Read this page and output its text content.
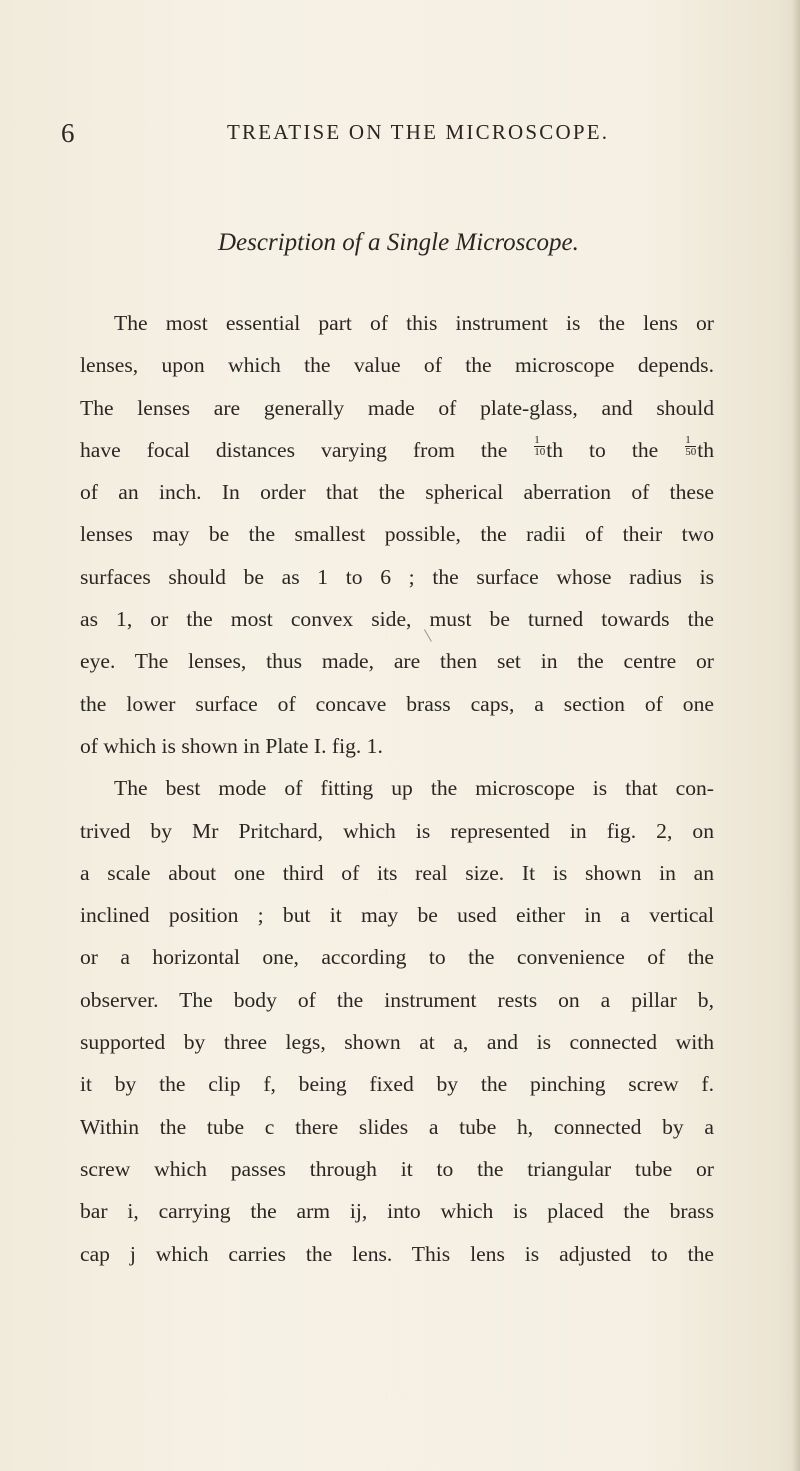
6	TREATISE ON THE MICROSCOPE.
Description of a Single Microscope.
The most essential part of this instrument is the lens or
lenses, upon which the value of the microscope depends.
The lenses are generally made of plate-glass, and should
have focal distances varying from the $\frac{1}{10}$ th to the $\frac{1}{50}$ th
of an inch. In order that the spherical aberration of these
lenses may be the smallest possible, the radii of their two
surfaces should be as 1 to 6 ; the surface whose radius is
as 1, or the most convex side, must be turned towards the
eye. The lenses, thus made, are then set in the centre or
the lower surface of concave brass caps, a section of one
of which is shown in Plate I. fig. 1.
The best mode of fitting up the microscope is that con-
trived by Mr Pritchard, which is represented in fig. 2, on
a scale about one third of its real size. It is shown in an
inclined position ; but it may be used either in a vertical
or a horizontal one, according to the convenience of the
observer. The body of the instrument rests on a pillar b,
supported by three legs, shown at a, and is connected with
it by the clip f, being fixed by the pinching screw f.
Within the tube c there slides a tube h, connected by a
screw which passes through it to the triangular tube or
bar i, carrying the arm ij, into which is placed the brass
cap j which carries the lens. This lens is adjusted to the
